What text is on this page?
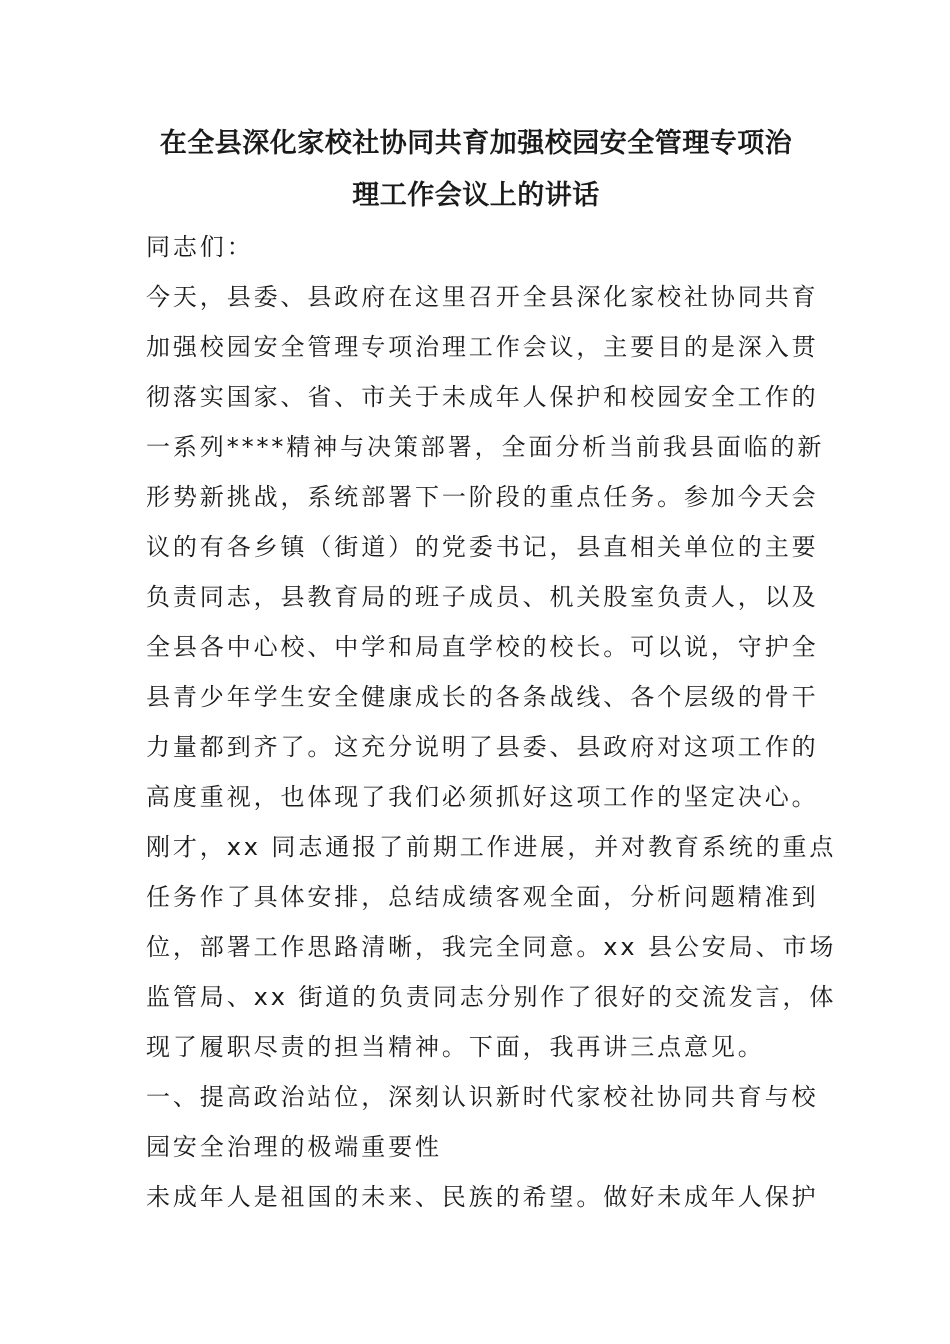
在全县深化家校社协同共育加强校园安全管理专项治
理工作会议上的讲话

同志们：

今天，县委、县政府在这里召开全县深化家校社协同共育

加强校园安全管理专项治理工作会议，主要目的是深入贯

彻落实国家、省、市关于未成年人保护和校园安全工作的

一系列****精神与决策部署，全面分析当前我县面临的新

形势新挑战，系统部署下一阶段的重点任务。参加今天会

议的有各乡镇（街道）的党委书记，县直相关单位的主要

负责同志，县教育局的班子成员、机关股室负责人，以及

全县各中心校、中学和局直学校的校长。可以说，守护全

县青少年学生安全健康成长的各条战线、各个层级的骨干

力量都到齐了。这充分说明了县委、县政府对这项工作的

高度重视，也体现了我们必须抓好这项工作的坚定决心。

刚才，xx 同志通报了前期工作进展，并对教育系统的重点

任务作了具体安排，总结成绩客观全面，分析问题精准到

位，部署工作思路清晰，我完全同意。xx 县公安局、市场

监管局、xx 街道的负责同志分别作了很好的交流发言，体

现了履职尽责的担当精神。下面，我再讲三点意见。

一、提高政治站位，深刻认识新时代家校社协同共育与校

园安全治理的极端重要性

未成年人是祖国的未来、民族的希望。做好未成年人保护
